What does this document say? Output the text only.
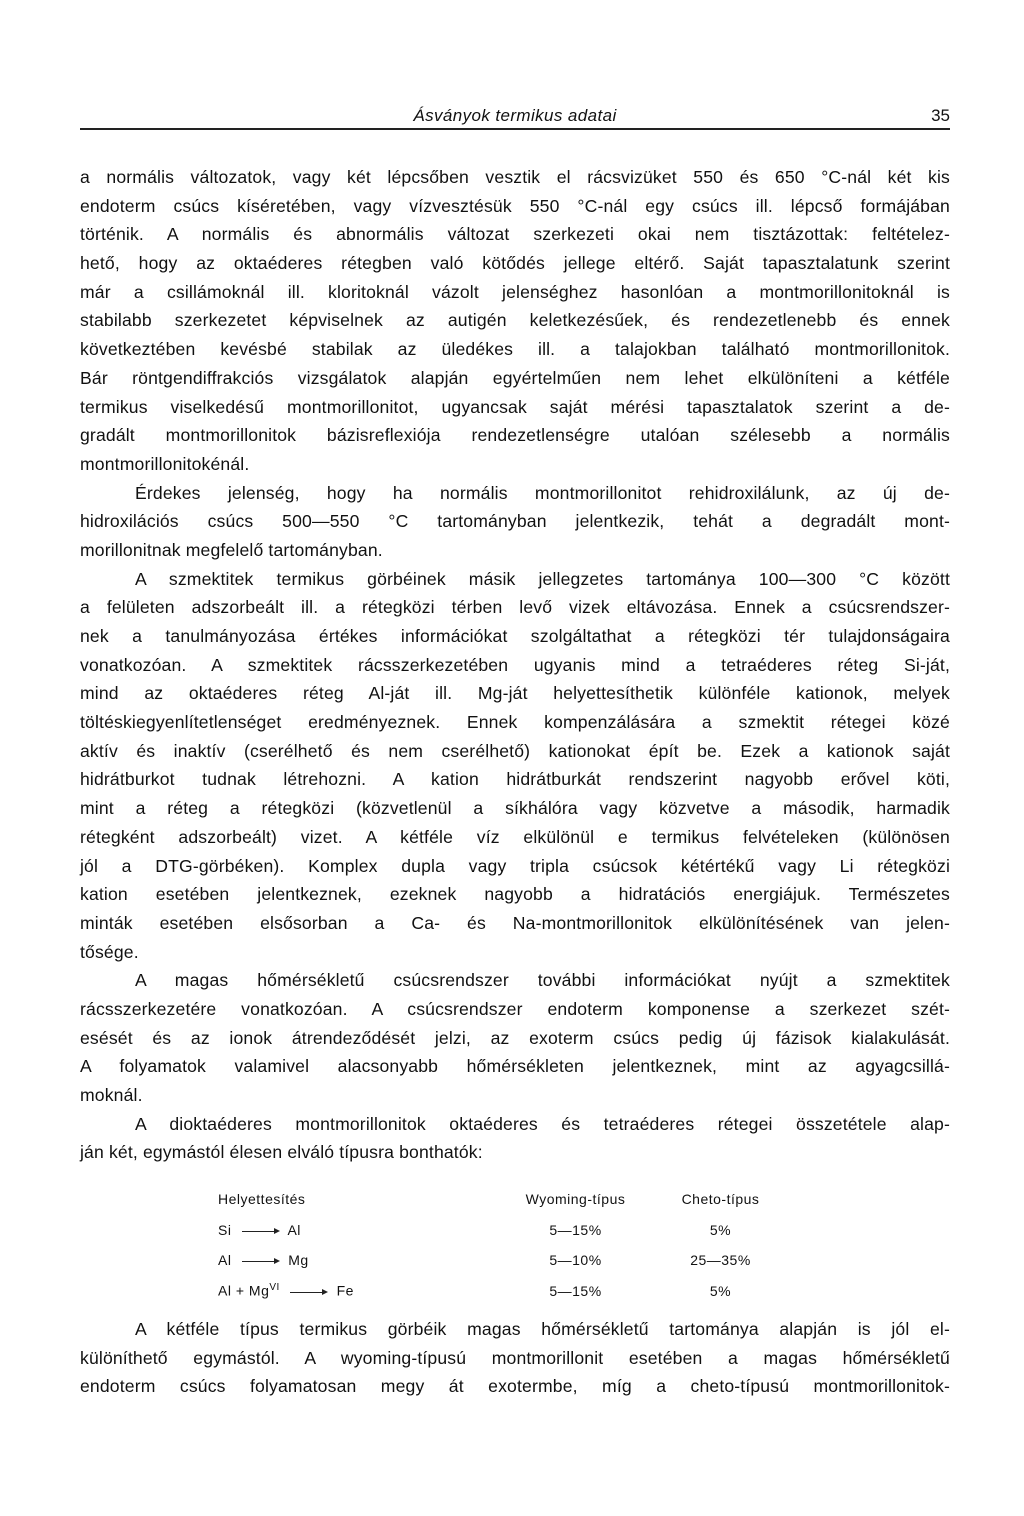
Ásványok termikus adatai	35
a normális változatok, vagy két lépcsőben vesztik el rácsvizüket 550 és 650 °C-nál két kis
endoterm csúcs kíséretében, vagy vízvesztésük 550 °C-nál egy csúcs ill. lépcső formájában
történik. A normális és abnormális változat szerkezeti okai nem tisztázottak: feltételez-
hető, hogy az oktaéderes rétegben való kötődés jellege eltérő. Saját tapasztalatunk szerint
már a csillámoknál ill. kloritoknál vázolt jelenséghez hasonlóan a montmorillonitoknál is
stabilabb szerkezetet képviselnek az autigén keletkezésűek, és rendezetlenebb és ennek
következtében kevésbé stabilak az üledékes ill. a talajokban található montmorillonitok.
Bár röntgendiffrakciós vizsgálatok alapján egyértelműen nem lehet elkülöníteni a kétféle
termikus viselkedésű montmorillonitot, ugyancsak saját mérési tapasztalatok szerint a de-
gradált montmorillonitok bázisreflexiója rendezetlenségre utalóan szélesebb a normális
montmorillonitokénál.
Érdekes jelenség, hogy ha normális montmorillonitot rehidroxilálunk, az új de-
hidroxilációs csúcs 500—550 °C tartományban jelentkezik, tehát a degradált mont-
morillonitnak megfelelő tartományban.
A szmektitek termikus görbéinek másik jellegzetes tartománya 100—300 °C között
a felületen adszorbeált ill. a rétegközi térben levő vizek eltávozása. Ennek a csúcsrendszer-
nek a tanulmányozása értékes információkat szolgáltathat a rétegközi tér tulajdonságaira
vonatkozóan. A szmektitek rácsszerkezetében ugyanis mind a tetraéderes réteg Si-ját,
mind az oktaéderes réteg Al-ját ill. Mg-ját helyettesíthetik különféle kationok, melyek
töltéskiegyenlítetlenséget eredményeznek. Ennek kompenzálására a szmektit rétegei közé
aktív és inaktív (cserélhető és nem cserélhető) kationokat épít be. Ezek a kationok saját
hidrátburkot tudnak létrehozni. A kation hidrátburkát rendszerint nagyobb erővel köti,
mint a réteg a rétegközi (közvetlenül a síkhálóra vagy közvetve a második, harmadik
rétegként adszorbeált) vizet. A kétféle víz elkülönül e termikus felvételeken (különösen
jól a DTG-görbéken). Komplex dupla vagy tripla csúcsok kétértékű vagy Li rétegközi
kation esetében jelentkeznek, ezeknek nagyobb a hidratációs energiájuk. Természetes
minták esetében elsősorban a Ca- és Na-montmorillonitok elkülönítésének van jelen-
tősége.
A magas hőmérsékletű csúcsrendszer további információkat nyújt a szmektitek
rácsszerkezetére vonatkozóan. A csúcsrendszer endoterm komponense a szerkezet szét-
esését és az ionok átrendeződését jelzi, az exoterm csúcs pedig új fázisok kialakulását.
A folyamatok valamivel alacsonyabb hőmérsékleten jelentkeznek, mint az agyagcsillá-
moknál.
A dioktaéderes montmorillonitok oktaéderes és tetraéderes rétegei összetétele alap-
ján két, egymástól élesen elváló típusra bonthatók:
Helyettesítés	Wyoming-típus	Cheto-típus
Si Al	5—15%	5%
Al Mg	5—10%	25—35%
$Al + Mg^{VI}$ Fe	5—15%	5%
A kétféle típus termikus görbéik magas hőmérsékletű tartománya alapján is jól el-
különíthető egymástól. A wyoming-típusú montmorillonit esetében a magas hőmérsékletű
endoterm csúcs folyamatosan megy át exotermbe, míg a cheto-típusú montmorillonitok-
